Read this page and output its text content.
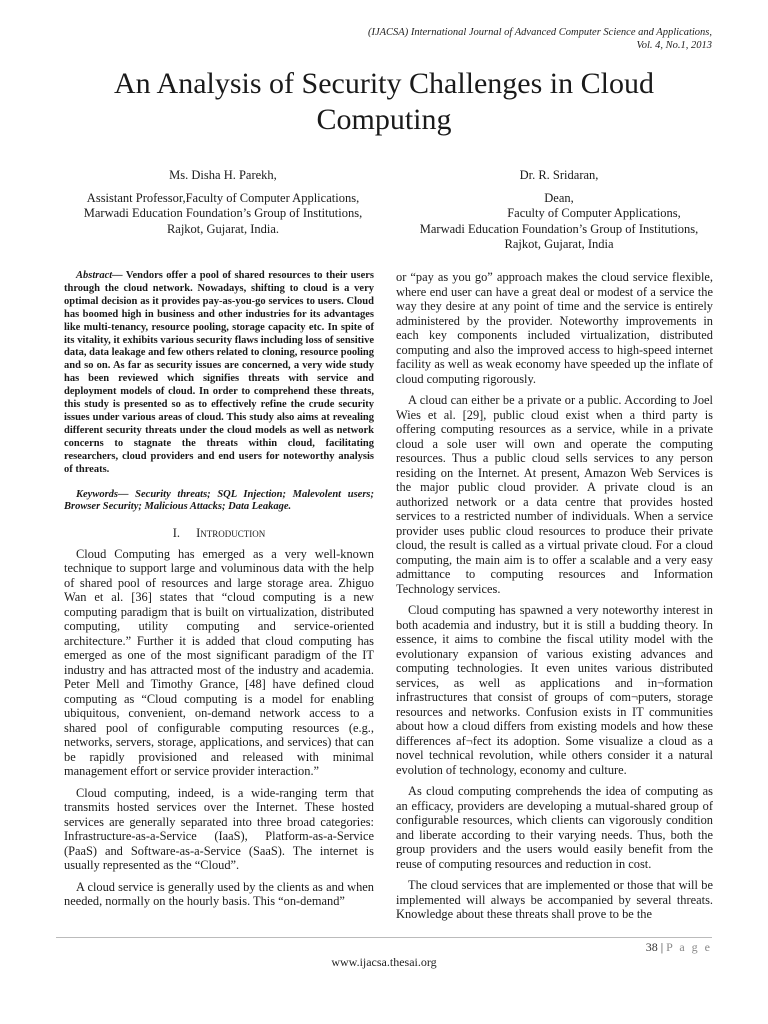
(IJACSA) International Journal of Advanced Computer Science and Applications,
Vol. 4, No.1, 2013
An Analysis of Security Challenges in Cloud
Computing
Ms. Disha H. Parekh,
Assistant Professor,Faculty of Computer Applications,
Marwadi Education Foundation’s Group of Institutions,
Rajkot, Gujarat, India.
Dr. R. Sridaran,
Dean,
Faculty of Computer Applications,
Marwadi Education Foundation’s Group of Institutions,
Rajkot, Gujarat, India

Abstract— Vendors offer a pool of shared resources to their users through the cloud network. Nowadays, shifting to cloud is a very optimal decision as it provides pay-as-you-go services to users. Cloud has boomed high in business and other industries for its advantages like multi-tenancy, resource pooling, storage capacity etc. In spite of its vitality, it exhibits various security flaws including loss of sensitive data, data leakage and few others related to cloning, resource pooling and so on. As far as security issues are concerned, a very wide study has been reviewed which signifies threats with service and deployment models of cloud. In order to comprehend these threats, this study is presented so as to effectively refine the crude security issues under various areas of cloud. This study also aims at revealing different security threats under the cloud models as well as network concerns to stagnate the threats within cloud, facilitating researchers, cloud providers and end users for noteworthy analysis of threats.

Keywords— Security threats; SQL Injection; Malevolent users; Browser Security; Malicious Attacks; Data Leakage.

I. Introduction

Cloud Computing has emerged as a very well-known technique to support large and voluminous data with the help of shared pool of resources and large storage area. Zhiguo Wan et al. [36] states that “cloud computing is a new computing paradigm that is built on virtualization, distributed computing, utility computing and service-oriented architecture.” Further it is added that cloud computing has emerged as one of the most significant paradigm of the IT industry and has attracted most of the industry and academia. Peter Mell and Timothy Grance, [48] have defined cloud computing as “Cloud computing is a model for enabling ubiquitous, convenient, on-demand network access to a shared pool of configurable computing resources (e.g., networks, servers, storage, applications, and services) that can be rapidly provisioned and released with minimal management effort or service provider interaction.”

Cloud computing, indeed, is a wide-ranging term that transmits hosted services over the Internet. These hosted services are generally separated into three broad categories: Infrastructure-as-a-Service (IaaS), Platform-as-a-Service (PaaS) and Software-as-a-Service (SaaS). The internet is usually represented as the “Cloud”.

A cloud service is generally used by the clients as and when needed, normally on the hourly basis. This “on-demand”

or “pay as you go” approach makes the cloud service flexible, where end user can have a great deal or modest of a service the way they desire at any point of time and the service is entirely administered by the provider. Noteworthy improvements in each key components included virtualization, distributed computing and also the improved access to high-speed internet facility as well as weak economy have speeded up the inflate of cloud computing rigorously.

A cloud can either be a private or a public. According to Joel Wies et al. [29], public cloud exist when a third party is offering computing resources as a service, while in a private cloud a sole user will own and operate the computing resources. Thus a public cloud sells services to any person residing on the Internet. At present, Amazon Web Services is the major public cloud provider. A private cloud is an authorized network or a data centre that provides hosted services to a restricted number of individuals. When a service provider uses public cloud resources to produce their private cloud, the result is called as a virtual private cloud. For a cloud computing, the main aim is to offer a scalable and a very easy admittance to computing resources and Information Technology services.

Cloud computing has spawned a very noteworthy interest in both academia and industry, but it is still a budding theory. In essence, it aims to combine the fiscal utility model with the evolutionary expansion of various existing advances and computing technologies. It even unites various distributed services, as well as applications and in¬formation infrastructures that consist of groups of com¬puters, storage resources and networks. Confusion exists in IT communities about how a cloud differs from existing models and how these differences af¬fect its adoption. Some visualize a cloud as a novel technical revolution, while others consider it a natural evolution of technology, economy and culture.

As cloud computing comprehends the idea of computing as an efficacy, providers are developing a mutual-shared group of configurable resources, which clients can vigorously condition and liberate according to their varying needs. Thus, both the group providers and the users would easily benefit from the reuse of computing resources and reduction in cost.

The cloud services that are implemented or those that will be implemented will always be accompanied by several threats. Knowledge about these threats shall prove to be the

38 | P a g e
www.ijacsa.thesai.org
